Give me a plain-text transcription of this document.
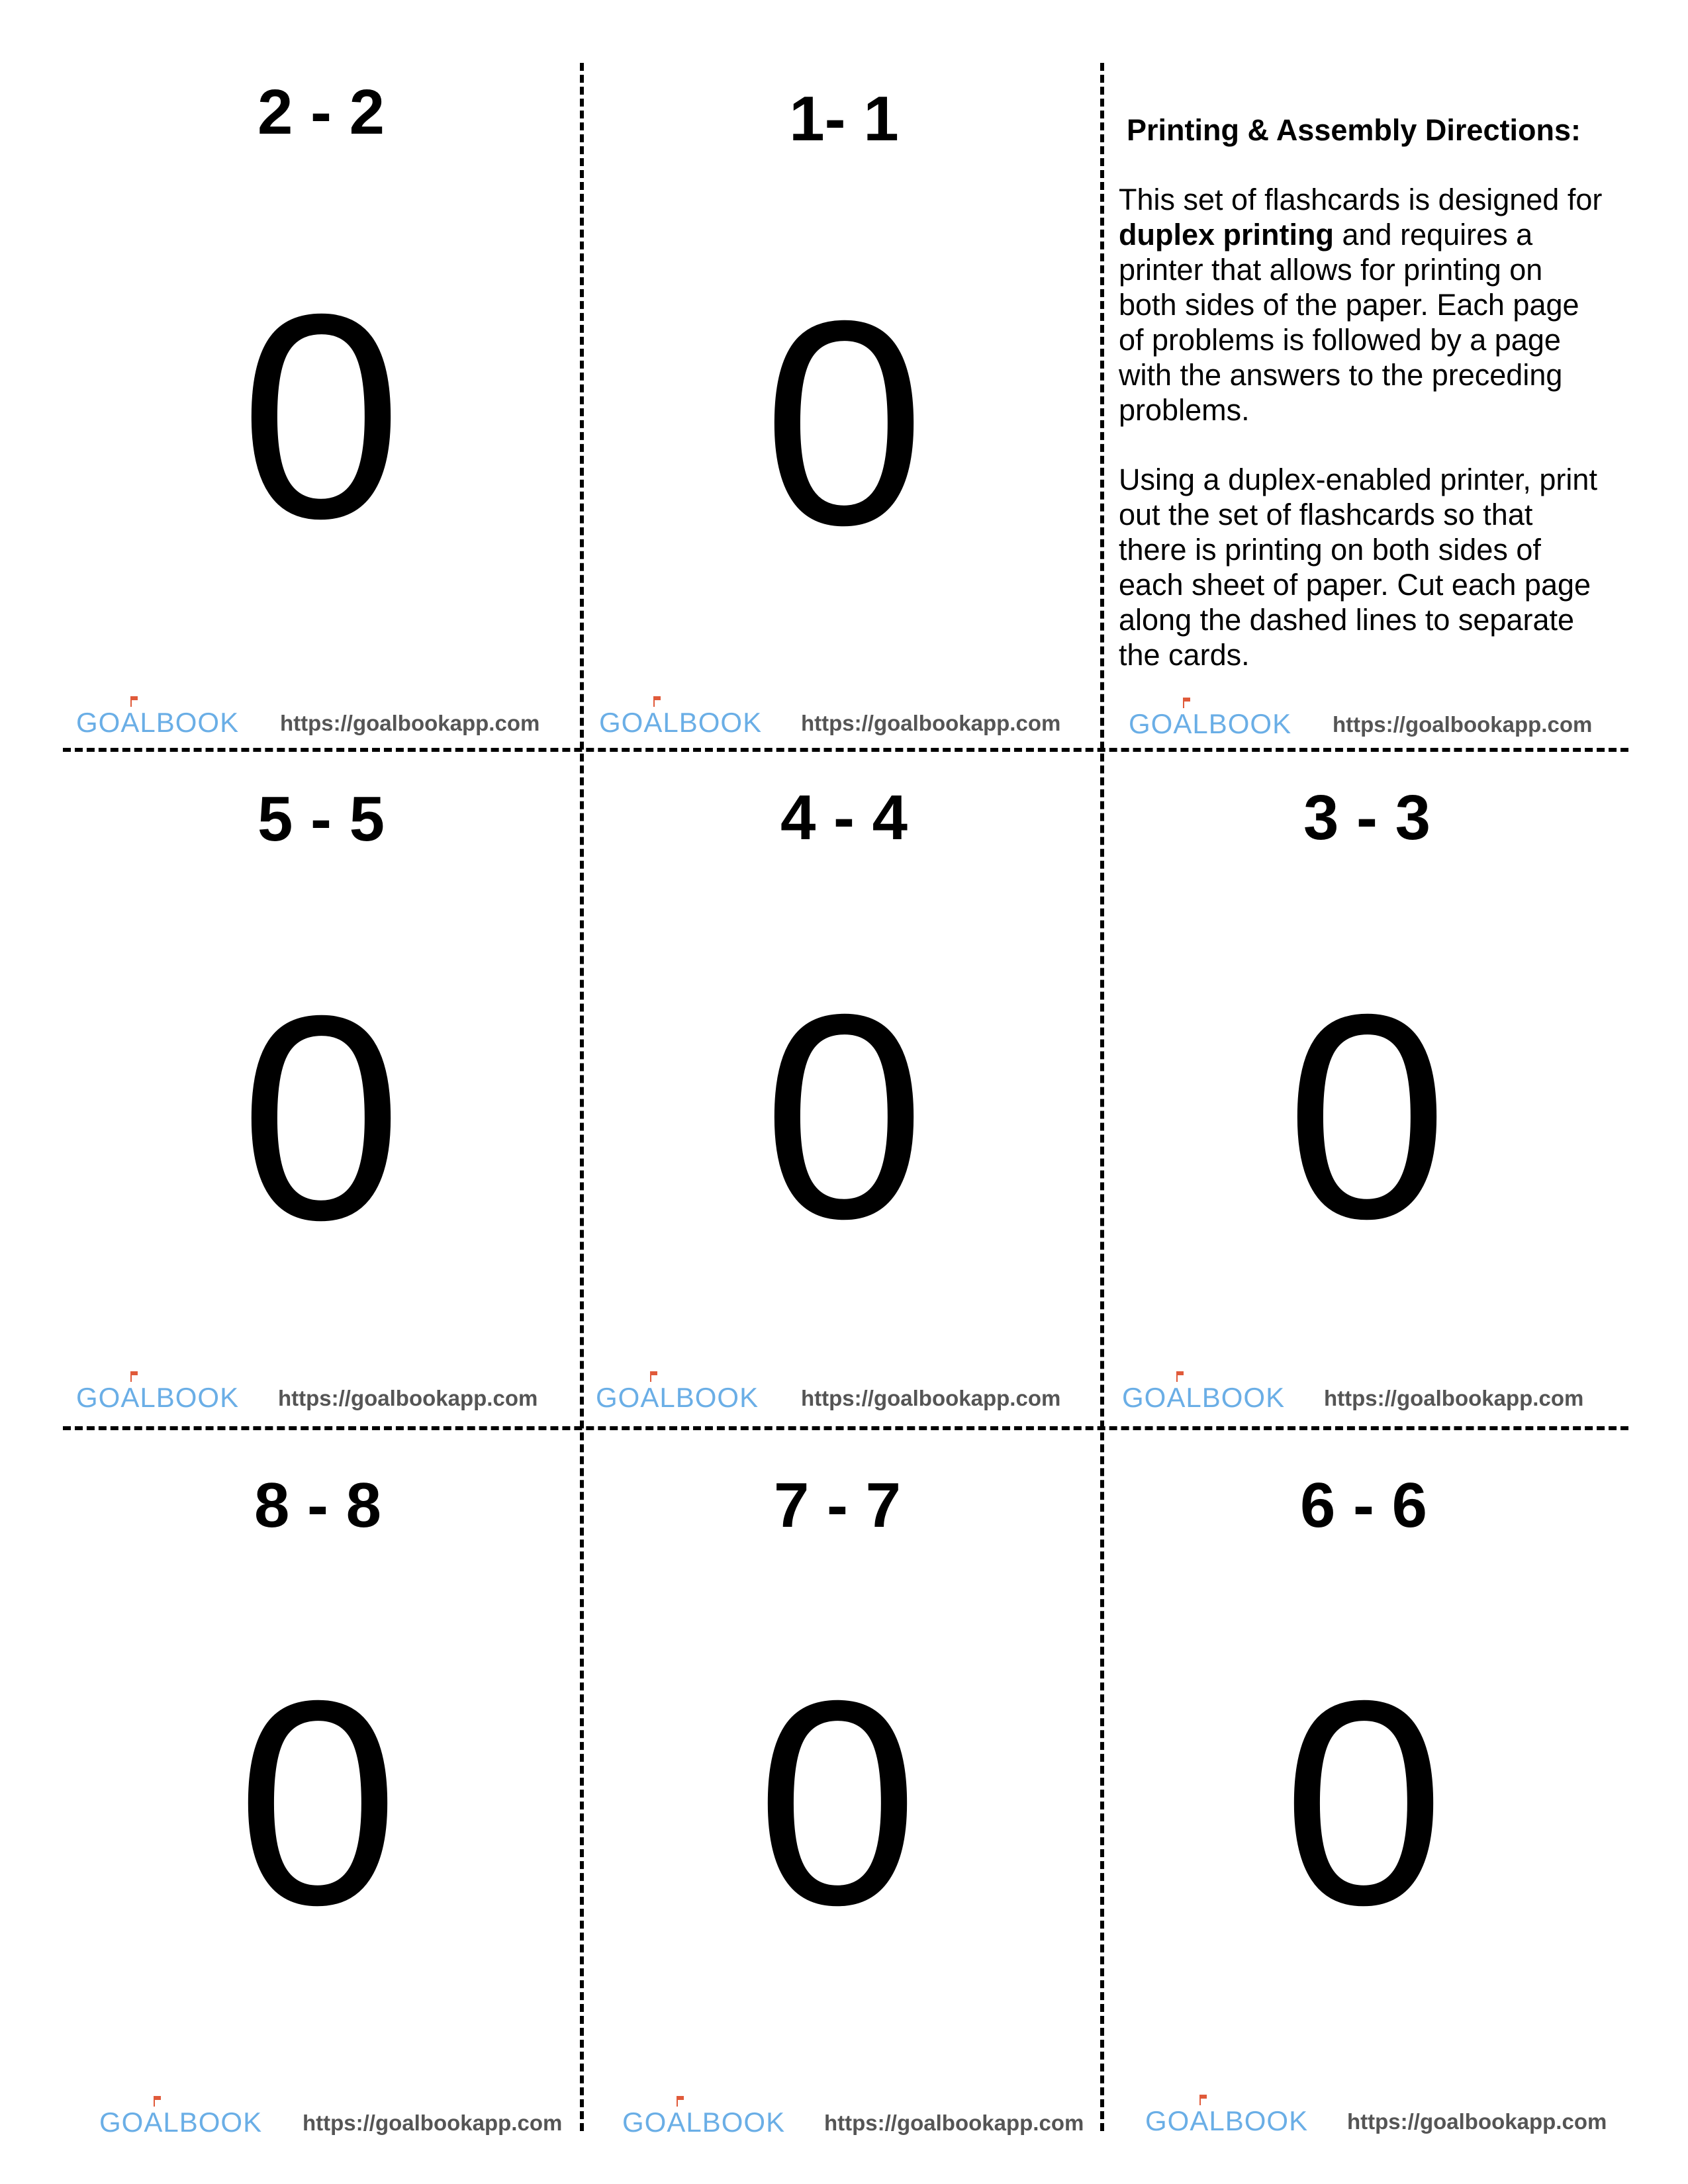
2 - 2
0
GO
ALBOOK https://goalbookapp.com
1- 1
0
GO
ALBOOK https://goalbookapp.com
Printing & Assembly Directions:

This set of flashcards is designed for duplex printing and requires a printer that allows for printing on both sides of the paper. Each page of problems is followed by a page with the answers to the preceding problems.

Using a duplex-enabled printer, print out the set of flashcards so that there is printing on both sides of each sheet of paper. Cut each page along the dashed lines to separate the cards.

GO
ALBOOK https://goalbookapp.com
5 - 5
0
GO
ALBOOK https://goalbookapp.com
4 - 4
0
GO
ALBOOK https://goalbookapp.com
3 - 3
0
GO
ALBOOK https://goalbookapp.com
8 - 8
0
GO
ALBOOK https://goalbookapp.com
7 - 7
0
GO
ALBOOK https://goalbookapp.com
6 - 6
0
GO
ALBOOK https://goalbookapp.com
